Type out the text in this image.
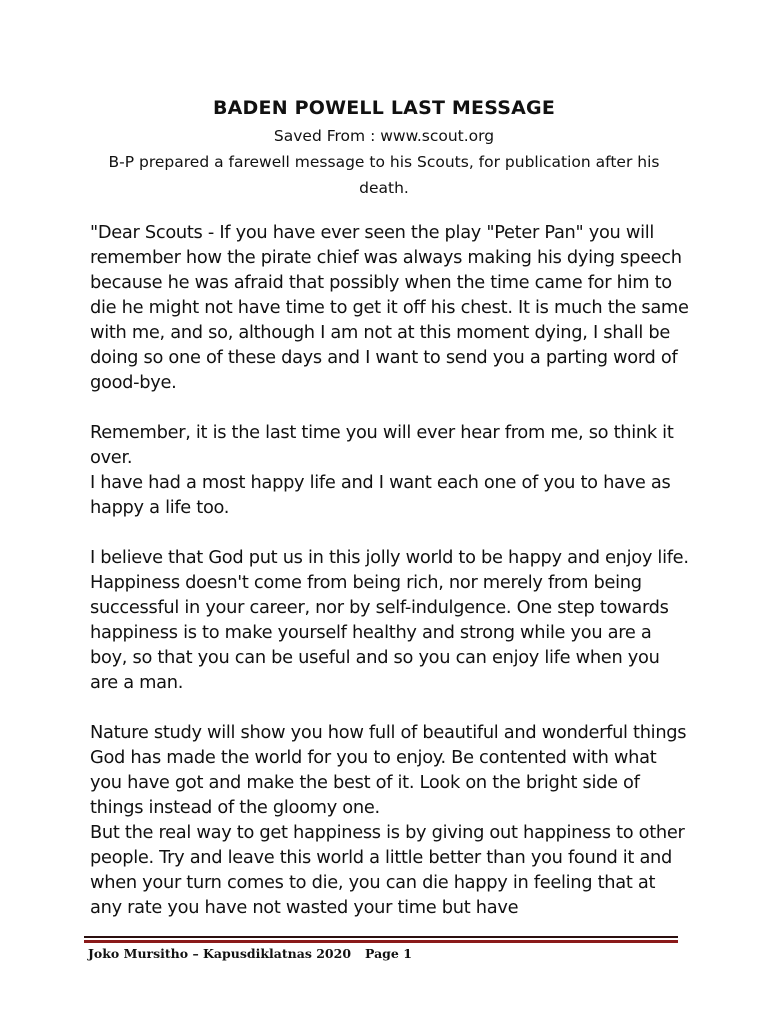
BADEN POWELL LAST MESSAGE
Saved From : www.scout.org
B-P prepared a farewell message to his Scouts, for publication after his death.

"Dear Scouts - If you have ever seen the play "Peter Pan" you will remember how the pirate chief was always making his dying speech because he was afraid that possibly when the time came for him to die he might not have time to get it off his chest. It is much the same with me, and so, although I am not at this moment dying, I shall be doing so one of these days and I want to send you a parting word of good-bye.

Remember, it is the last time you will ever hear from me, so think it over.

I have had a most happy life and I want each one of you to have as happy a life too.

I believe that God put us in this jolly world to be happy and enjoy life. Happiness doesn't come from being rich, nor merely from being successful in your career, nor by self-indulgence. One step towards happiness is to make yourself healthy and strong while you are a boy, so that you can be useful and so you can enjoy life when you are a man.

Nature study will show you how full of beautiful and wonderful things God has made the world for you to enjoy. Be contented with what you have got and make the best of it. Look on the bright side of things instead of the gloomy one.

But the real way to get happiness is by giving out happiness to other people. Try and leave this world a little better than you found it and when your turn comes to die, you can die happy in feeling that at any rate you have not wasted your time but have

Joko Mursitho – Kapusdiklatnas 2020 Page 1
